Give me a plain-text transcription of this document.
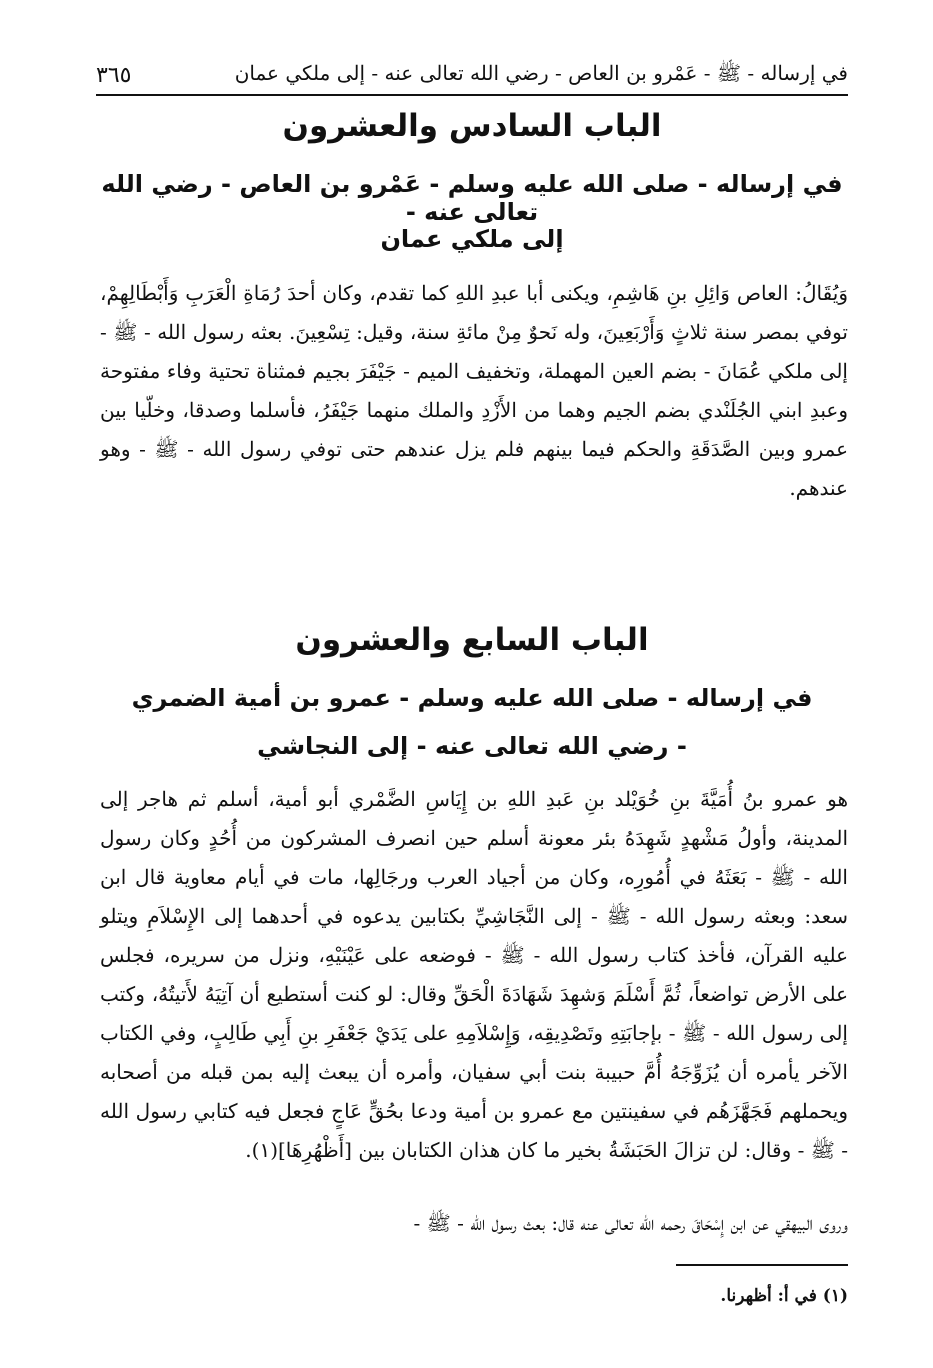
في إرساله - ﷺ - عَمْرو بن العاص - رضي الله تعالى عنه - إلى ملكي عمان
٣٦٥
الباب السادس والعشرون
في إرساله - صلى الله عليه وسلم - عَمْرو بن العاص - رضي الله تعالى عنه -
إلى ملكي عمان

وَيُقَالُ: العاص وَائِلِ بنِ هَاشِمِ، ويكنى أبا عبدِ اللهِ كما تقدم، وكان أحدَ رُمَاةِ الْعَرَبِ وَأَبْطَالِهِمْ، توفي بمصر سنة ثلاثٍ وَأَرْبَعِينَ، وله نَحوٌ مِنْ مائةِ سنة، وقيل: تِسْعِينَ. بعثه رسول الله - ﷺ - إلى ملكي عُمَانَ - بضم العين المهملة، وتخفيف الميم - جَيْفَرَ بجيم فمثناة تحتية وفاء مفتوحة وعبدِ ابني الجُلَنْدي بضم الجيم وهما من الأَزْدِ والملك منهما جَيْفَرُ، فأسلما وصدقا، وخلّيا بين عمرو وبين الصَّدَقَةِ والحكم فيما بينهم فلم يزل عندهم حتى توفي رسول الله - ﷺ - وهو عندهم.

الباب السابع والعشرون
في إرساله - صلى الله عليه وسلم - عمرو بن أمية الضمري
- رضي الله تعالى عنه - إلى النجاشي

هو عمرو بنُ أُمَيَّةَ بنِ خُوَيْلد بنِ عَبدِ اللهِ بن إِيَاسِ الضَّمْري أبو أمية، أسلم ثم هاجر إلى المدينة، وأولُ مَشْهدٍ شَهِدَهُ بئر معونة أسلم حين انصرف المشركون من أُحُدٍ وكان رسول الله - ﷺ - بَعَثَهُ في أُمُورِه، وكان من أجياد العرب ورجَالِها، مات في أيام معاوية قال ابن سعد: وبعثه رسول الله - ﷺ - إلى النَّجَاشِيِّ بكتابين يدعوه في أحدهما إلى الإِسْلاَمِ ويتلو عليه القرآن، فأخذ كتاب رسول الله - ﷺ - فوضعه على عَيْنَيْهِ، ونزل من سريره، فجلس على الأرض تواضعاً، ثُمَّ أَسْلَمَ وَشهِدَ شَهَادَةَ الْحَقِّ وقال: لو كنت أستطيع أن آتِيَهُ لأَتيتُهُ، وكتب إلى رسول الله - ﷺ - بإجابَتِهِ وتَصْدِيقِه، وَإِسْلاَمِهِ على يَدَيْ جَعْفَرِ بنِ أَبِي طَالِبٍ، وفي الكتاب الآخر يأمره أن يُزَوِّجَهُ أُمَّ حبيبة بنت أبي سفيان، وأمره أن يبعث إليه بمن قبله من أصحابه ويحملهم فَجَهَّزَهُم في سفينتين مع عمرو بن أمية ودعا بحُقٍّ عَاجٍ فجعل فيه كتابي رسول الله - ﷺ - وقال: لن تزالَ الحَبَشَةُ بخير ما كان هذان الكتابان بين [أَظْهُرِهَا](١).

وروى البيهقي عن ابن إِسْحَاقَ رحمه الله تعالى عنه قال: بعث رسول الله - ﷺ -

(١) في أ: أظهرنا.
